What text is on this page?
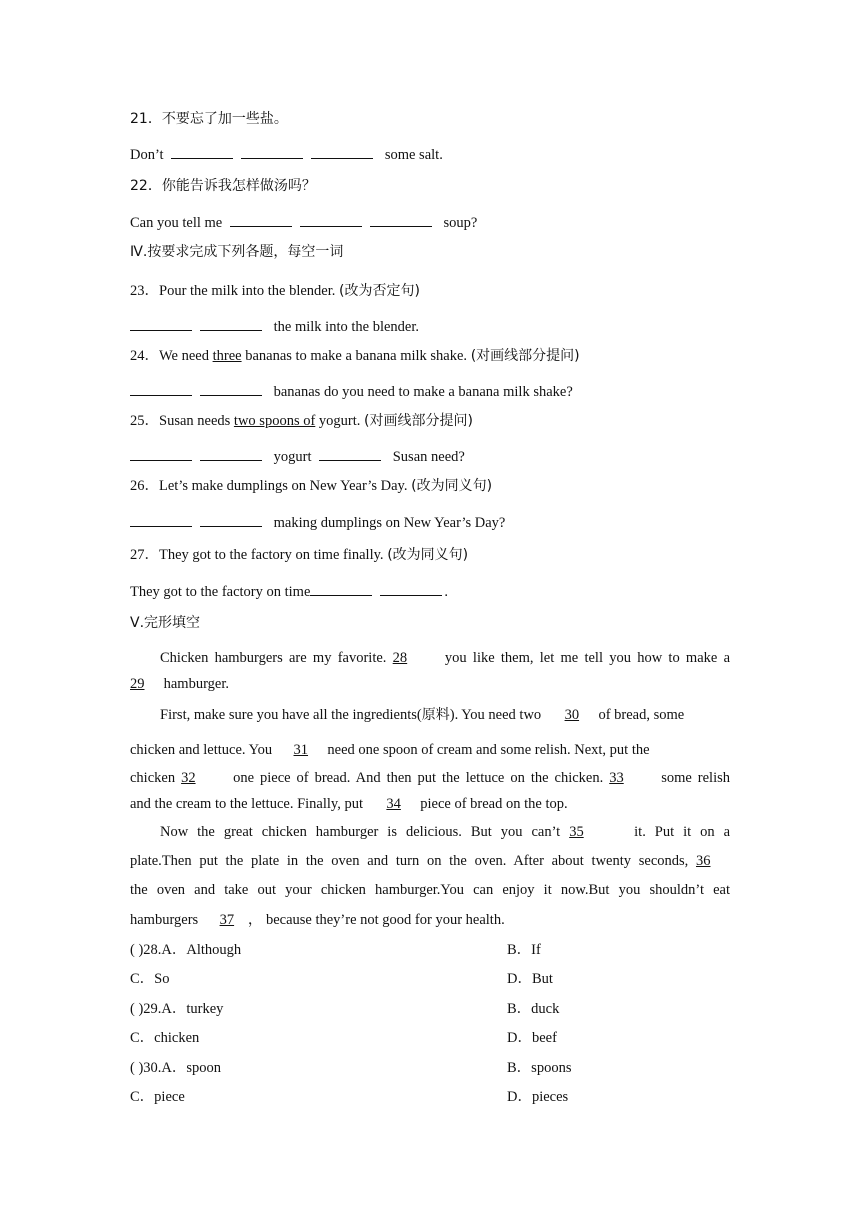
21．不要忘了加一些盐。
Don’t	some salt.
22．你能告诉我怎样做汤吗？
Can you tell me	soup?
Ⅳ.按要求完成下列各题，每空一词
23．Pour the milk into the blender. (改为否定句)
the milk into the blender.
24．We need three bananas to make a banana milk shake. (对画线部分提问)
bananas do you need to make a banana milk shake?
25．Susan needs two spoons of yogurt. (对画线部分提问)
yogurt	Susan need?
26．Let’s make dumplings on New Year’s Day. (改为同义句)
making dumplings on New Year’s Day?
27．They got to the factory on time finally. (改为同义句)
They got to the factory on time	.
Ⅴ.完形填空
Chicken hamburgers are my favorite. 28	you like them, let me tell you how to make a
29 hamburger.
First, make sure you have all the ingredients(原料). You need two 30 of bread, some
chicken and lettuce. You 31 need one spoon of cream and some relish. Next, put the
chicken 32	one piece of bread. And then put the lettuce on the chicken. 33	some relish
and the cream to the lettuce. Finally, put 34 piece of bread on the top.
Now the great chicken hamburger is delicious. But you can’t 35	it. Put it on a
plate.Then put the plate in the oven and turn on the oven. After about twenty seconds, 36
the oven and take out your chicken hamburger.You can enjoy it now.But you shouldn’t eat
hamburgers 37 ， because they’re not good for your health.
( )28.A．Although	B．If
C．So	D．But
( )29.A．turkey	B．duck
C．chicken	D．beef
( )30.A．spoon	B．spoons
C．piece	D．pieces
